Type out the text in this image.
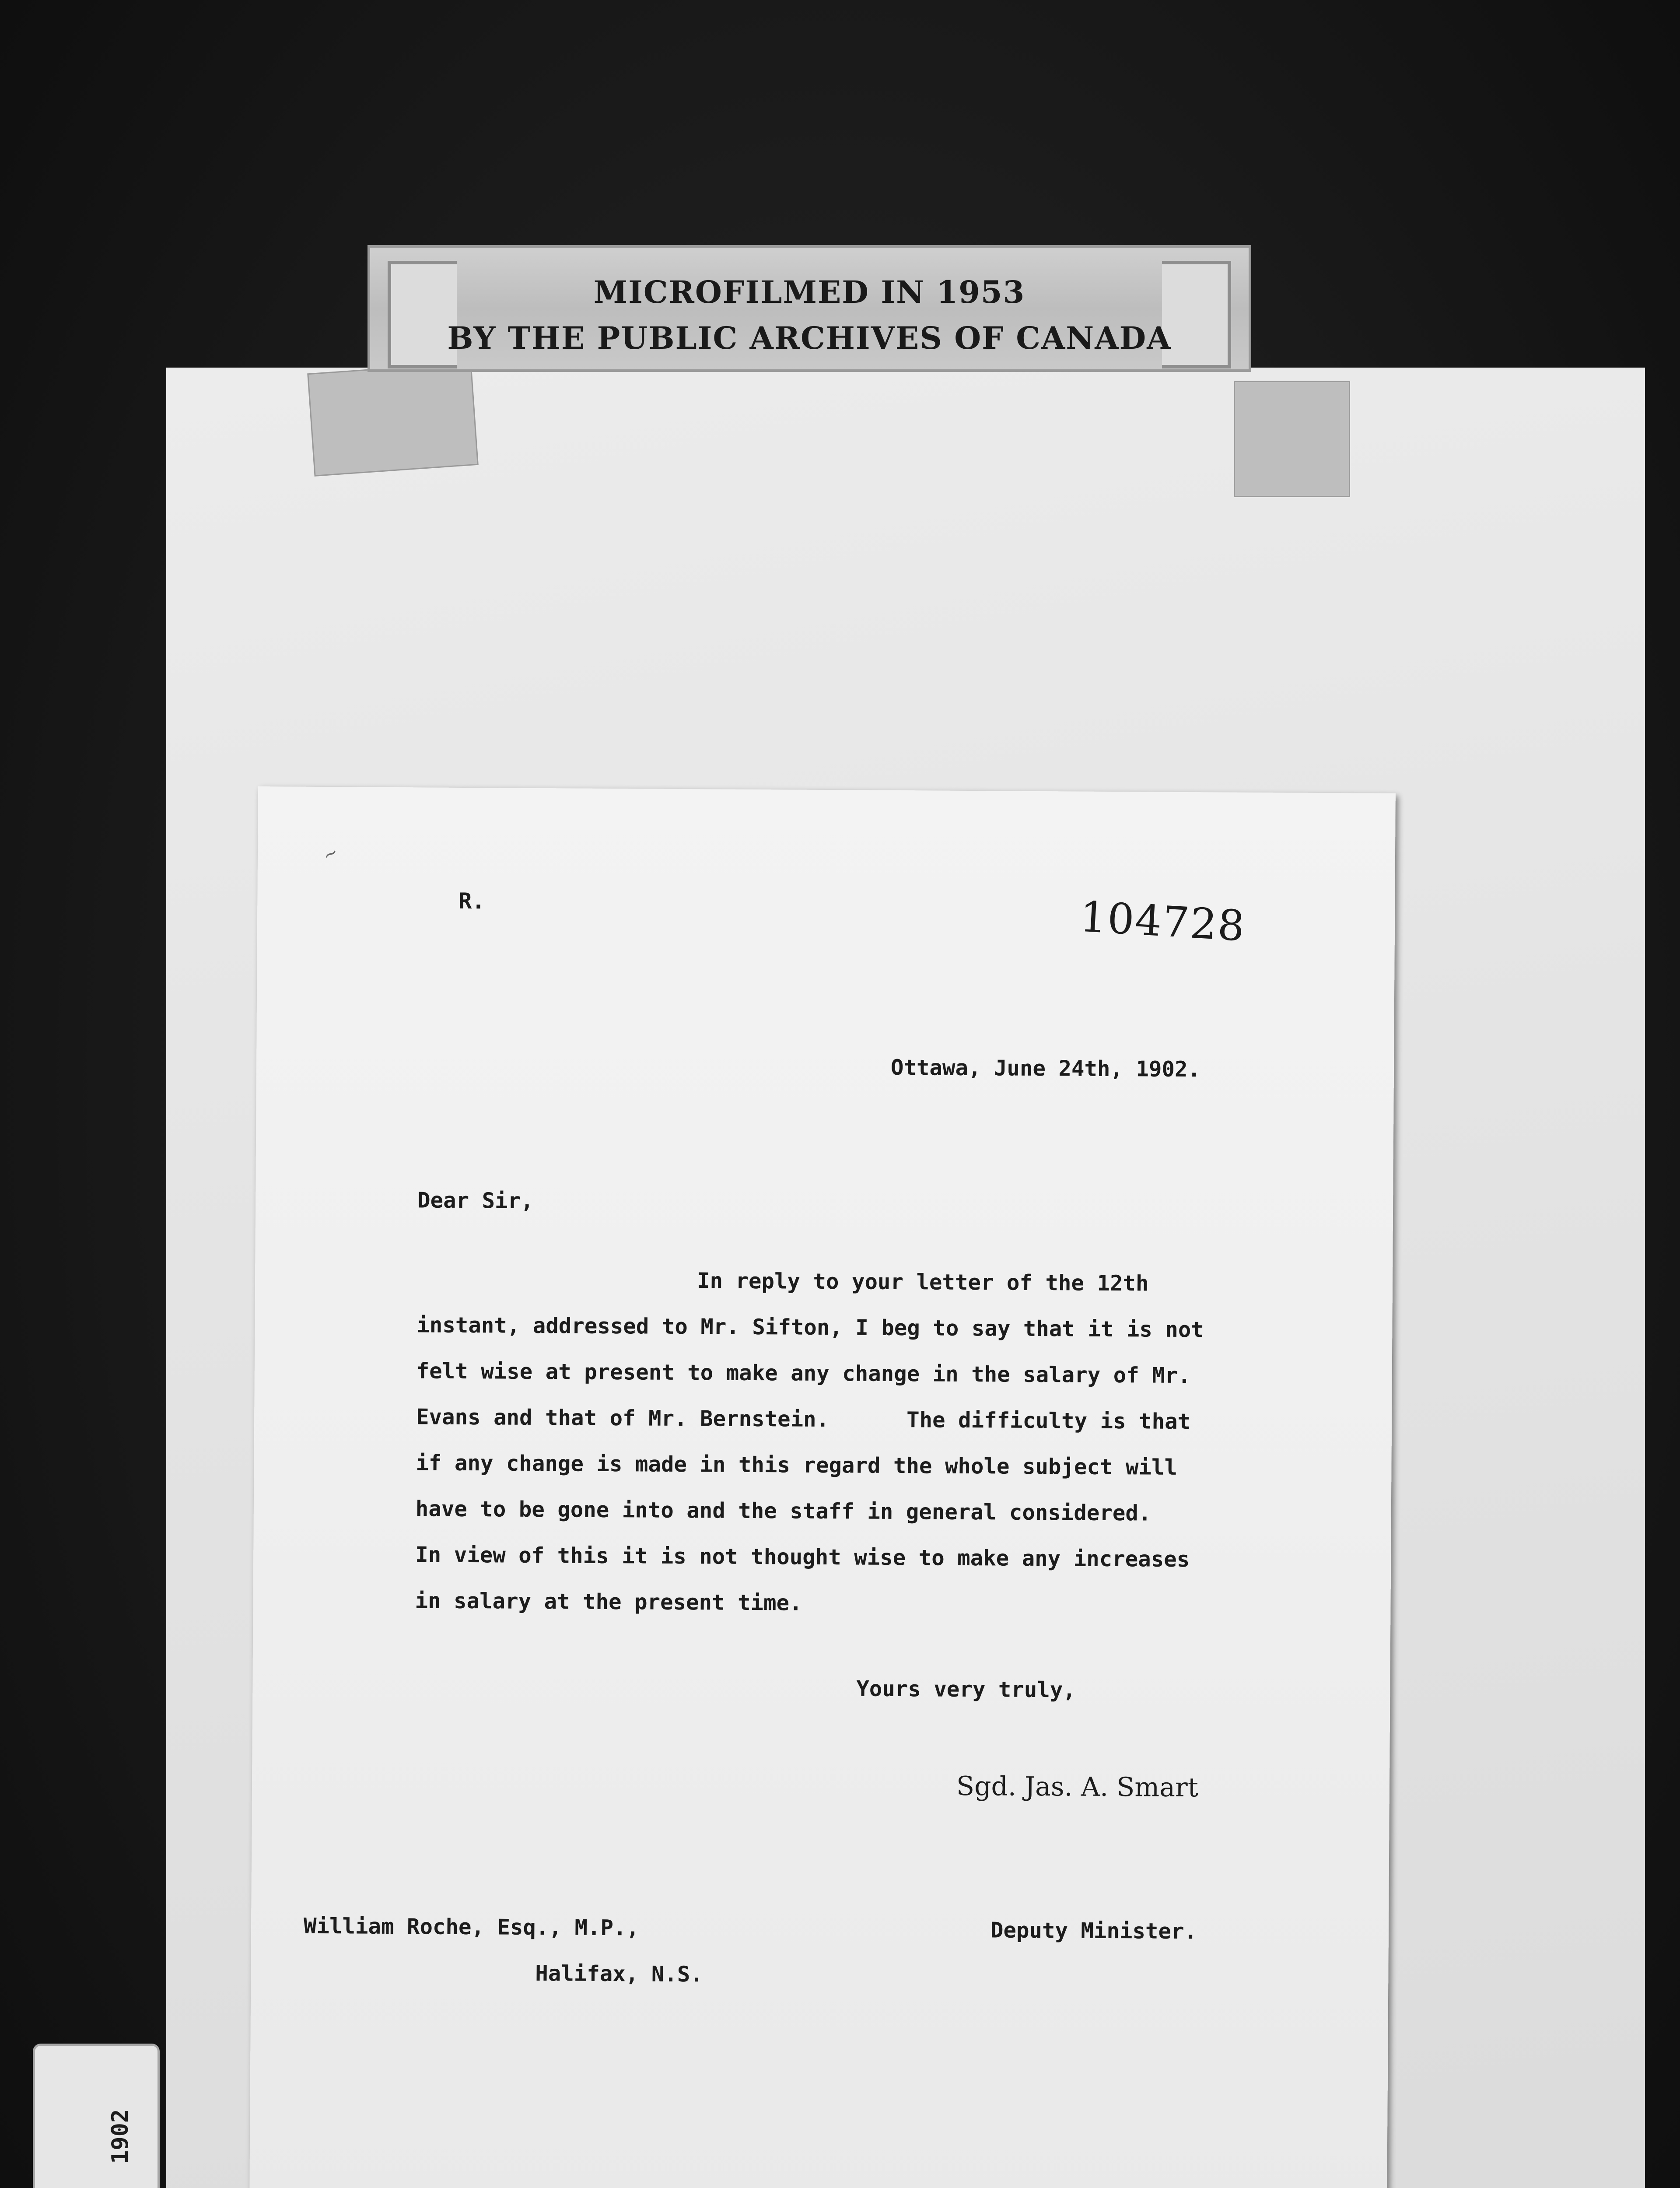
MICROFILMED IN 1953
BY THE PUBLIC ARCHIVES OF CANADA
~
R.	104728
Ottawa, June 24th, 1902.
Dear Sir,
In reply to your letter of the 12th
instant, addressed to Mr. Sifton, I beg to say that it is not
felt wise at present to make any change in the salary of Mr.
Evans and that of Mr. Bernstein.      The difficulty is that
if any change is made in this regard the whole subject will
have to be gone into and the staff in general considered.
In view of this it is not thought wise to make any increases
in salary at the present time.
Yours very truly,
Sgd. Jas. A. Smart
William Roche, Esq., M.P.,
Halifax, N.S.
Deputy Minister.
1902
